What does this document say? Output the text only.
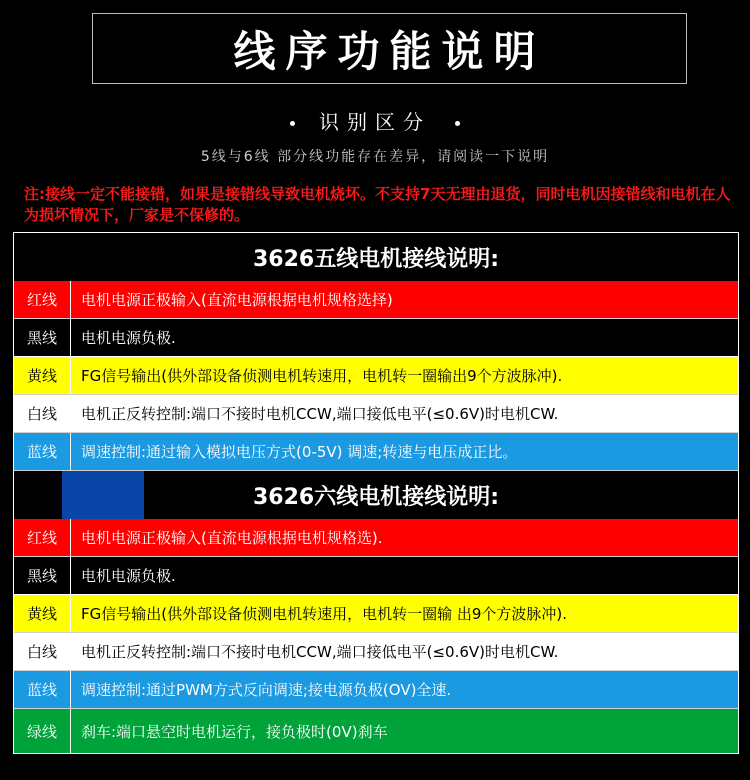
线序功能说明
识别区分
5线与6线 部分线功能存在差异，请阅读一下说明
注:接线一定不能接错，如果是接错线导致电机烧坏。不支持7天无理由退货，同时电机因接错线和电机在人为损坏情况下，厂家是不保修的。
3626五线电机接线说明:
红线	电机电源正极输入(直流电源根据电机规格选择)
黑线	电机电源负极.
黄线	FG信号输出(供外部设备侦测电机转速用，电机转一圈输出9个方波脉冲).
白线	电机正反转控制:端口不接时电机CCW,端口接低电平(≤0.6V)时电机CW.
蓝线	调速控制:通过输入模拟电压方式(0-5V) 调速;转速与电压成正比。
3626六线电机接线说明:
红线	电机电源正极输入(直流电源根据电机规格选).
黑线	电机电源负极.
黄线	FG信号输出(供外部设备侦测电机转速用，电机转一圈输 出9个方波脉冲).
白线	电机正反转控制:端口不接时电机CCW,端口接低电平(≤0.6V)时电机CW.
蓝线	调速控制:通过PWM方式反向调速;接电源负极(OV)全速.
绿线	刹车:端口悬空时电机运行，接负极时(0V)刹车
